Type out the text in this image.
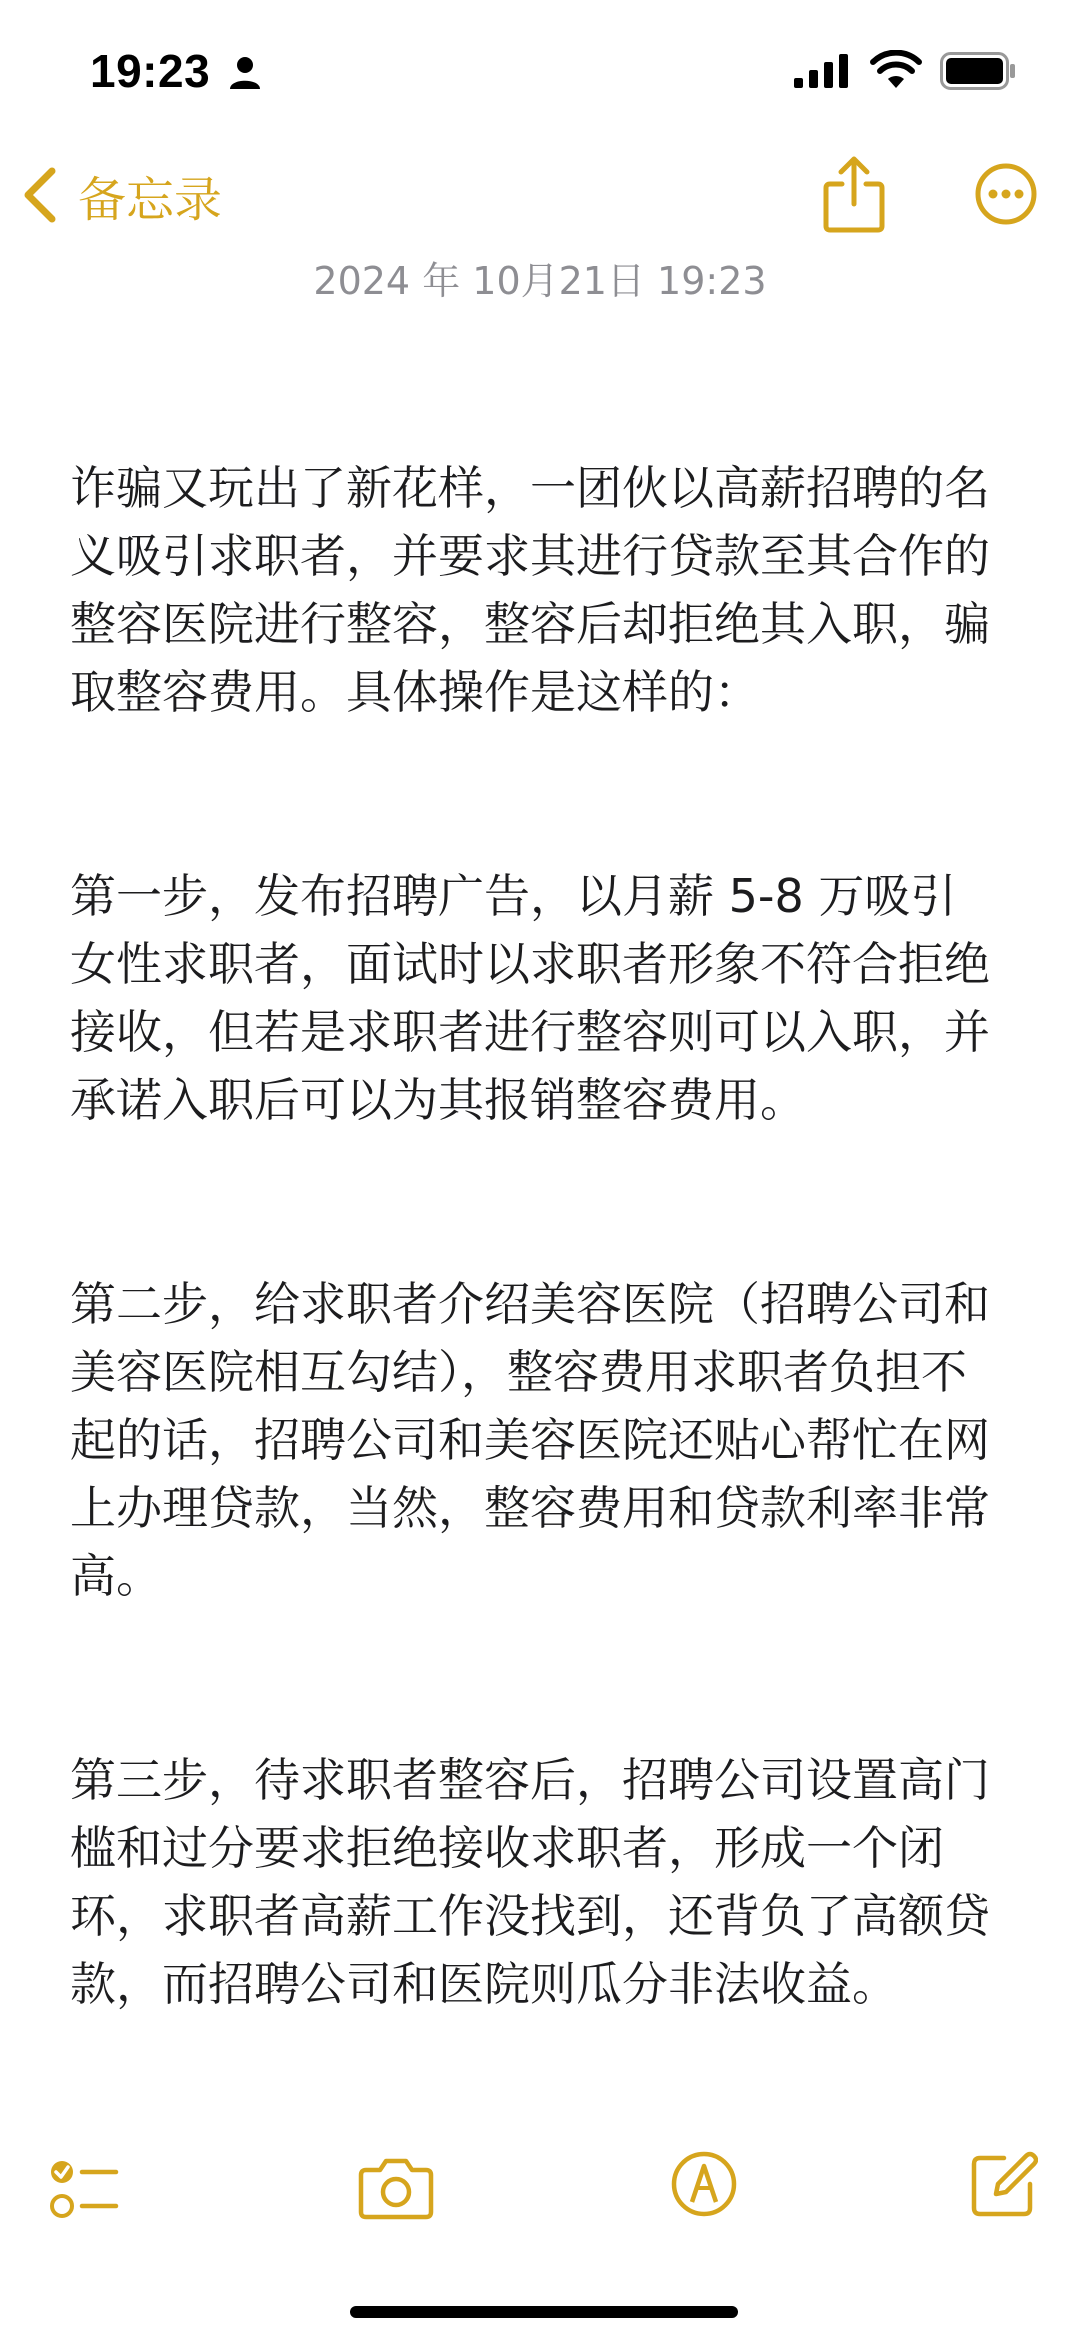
19:23
备忘录
2024 年 10月21日 19:23

诈骗又玩出了新花样，一团伙以高薪招聘的名义吸引求职者，并要求其进行贷款至其合作的整容医院进行整容，整容后却拒绝其入职，骗取整容费用。具体操作是这样的：

第一步，发布招聘广告，以月薪 5-8 万吸引女性求职者，面试时以求职者形象不符合拒绝接收，但若是求职者进行整容则可以入职，并承诺入职后可以为其报销整容费用。

第二步，给求职者介绍美容医院（招聘公司和美容医院相互勾结），整容费用求职者负担不起的话，招聘公司和美容医院还贴心帮忙在网上办理贷款，当然，整容费用和贷款利率非常高。

第三步，待求职者整容后，招聘公司设置高门槛和过分要求拒绝接收求职者，形成一个闭环，求职者高薪工作没找到，还背负了高额贷款，而招聘公司和医院则瓜分非法收益。
